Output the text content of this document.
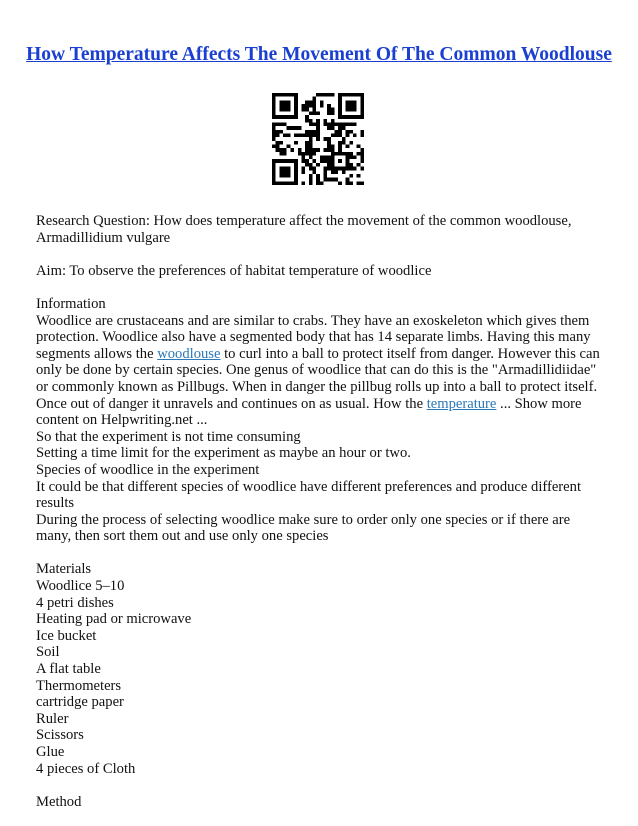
How Temperature Affects The Movement Of The Common Woodlouse

Research Question: How does temperature affect the movement of the common woodlouse, Armadillidium vulgare

Aim: To observe the preferences of habitat temperature of woodlice

Information

Woodlice are crustaceans and are similar to crabs. They have an exoskeleton which gives them protection. Woodlice also have a segmented body that has 14 separate limbs. Having this many segments allows the woodlouse to curl into a ball to protect itself from danger. However this can only be done by certain species. One genus of woodlice that can do this is the "Armadillidiidae" or commonly known as Pillbugs. When in danger the pillbug rolls up into a ball to protect itself. Once out of danger it unravels and continues on as usual. How the temperature ... Show more content on Helpwriting.net ...

So that the experiment is not time consuming

Setting a time limit for the experiment as maybe an hour or two.

Species of woodlice in the experiment

It could be that different species of woodlice have different preferences and produce different results

During the process of selecting woodlice make sure to order only one species or if there are many, then sort them out and use only one species

Materials

Woodlice 5–10

4 petri dishes

Heating pad or microwave

Ice bucket

Soil

A flat table

Thermometers

cartridge paper

Ruler

Scissors

Glue

4 pieces of Cloth

Method
